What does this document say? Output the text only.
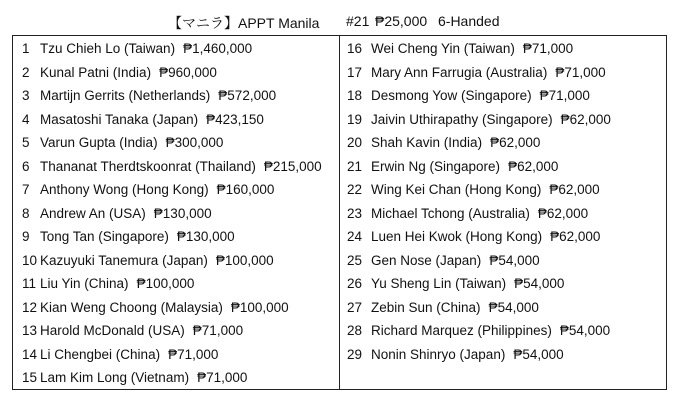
【マニラ】APPT Manila #21 ₱25,000 6-Handed
1 Tzu Chieh Lo (Taiwan) ₱1,460,000
2 Kunal Patni (India) ₱960,000
3 Martijn Gerrits (Netherlands) ₱572,000
4 Masatoshi Tanaka (Japan) ₱423,150
5 Varun Gupta (India) ₱300,000
6 Thananat Therdtskoonrat (Thailand) ₱215,000
7 Anthony Wong (Hong Kong) ₱160,000
8 Andrew An (USA) ₱130,000
9 Tong Tan (Singapore) ₱130,000
10 Kazuyuki Tanemura (Japan) ₱100,000
11 Liu Yin (China) ₱100,000
12 Kian Weng Choong (Malaysia) ₱100,000
13 Harold McDonald (USA) ₱71,000
14 Li Chengbei (China) ₱71,000
15 Lam Kim Long (Vietnam) ₱71,000
16 Wei Cheng Yin (Taiwan) ₱71,000
17 Mary Ann Farrugia (Australia) ₱71,000
18 Desmong Yow (Singapore) ₱71,000
19 Jaivin Uthirapathy (Singapore) ₱62,000
20 Shah Kavin (India) ₱62,000
21 Erwin Ng (Singapore) ₱62,000
22 Wing Kei Chan (Hong Kong) ₱62,000
23 Michael Tchong (Australia) ₱62,000
24 Luen Hei Kwok (Hong Kong) ₱62,000
25 Gen Nose (Japan) ₱54,000
26 Yu Sheng Lin (Taiwan) ₱54,000
27 Zebin Sun (China) ₱54,000
28 Richard Marquez (Philippines) ₱54,000
29 Nonin Shinryo (Japan) ₱54,000
